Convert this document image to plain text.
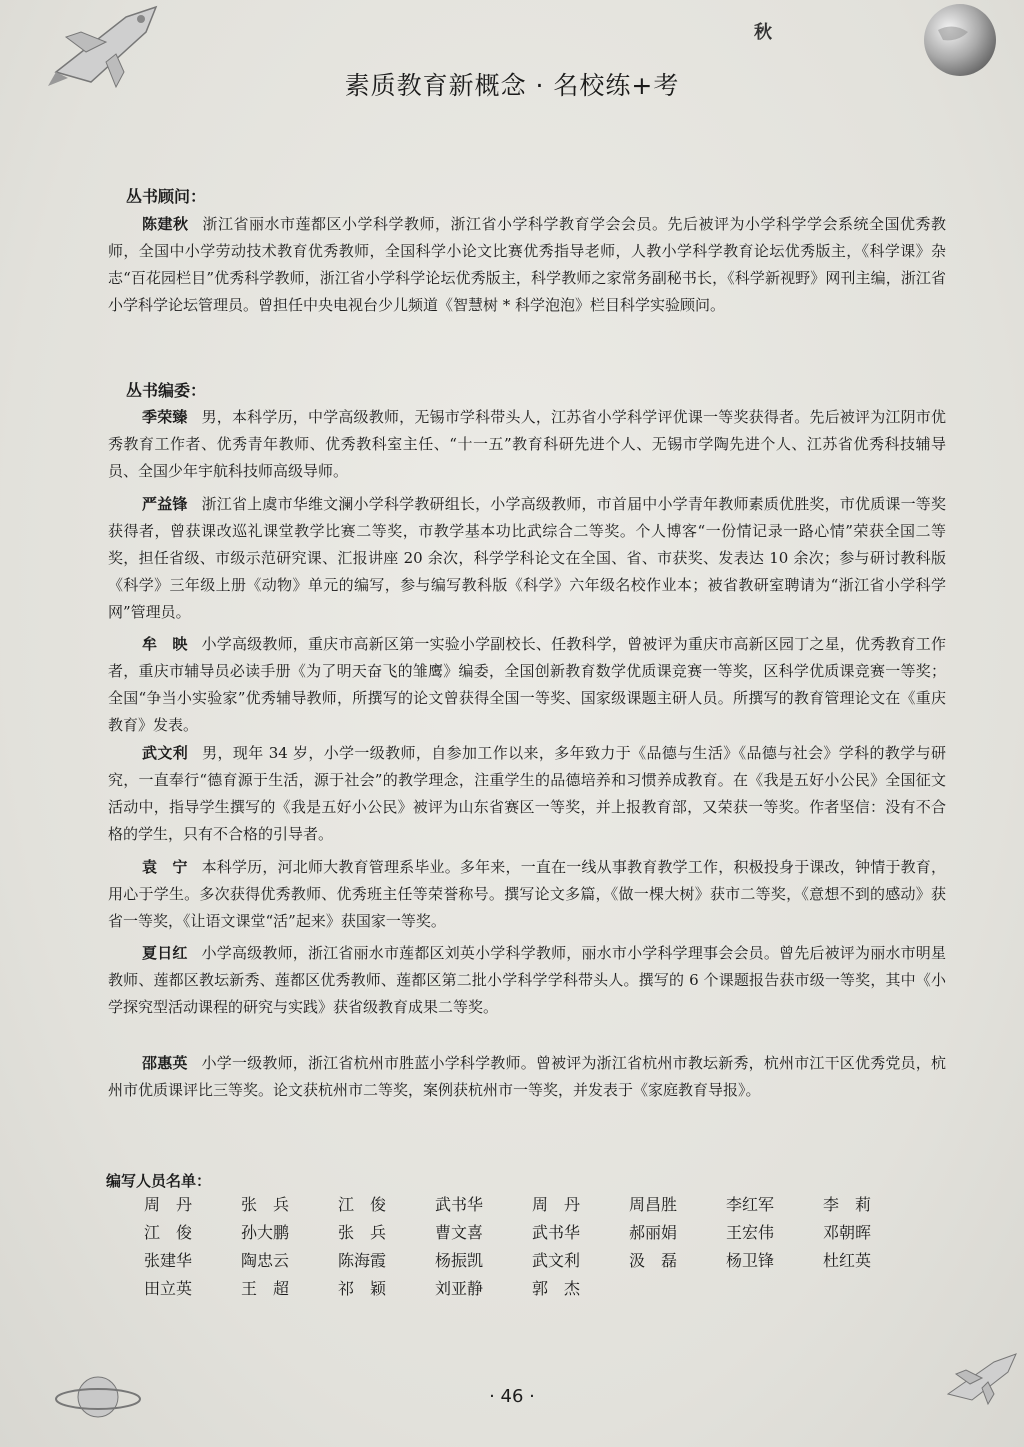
秋
素质教育新概念 · 名校练+考
丛书顾问：
陈建秋 浙江省丽水市莲都区小学科学教师，浙江省小学科学教育学会会员。先后被评为小学科学学会系统全国优秀教师，全国中小学劳动技术教育优秀教师，全国科学小论文比赛优秀指导老师，人教小学科学教育论坛优秀版主，《科学课》杂志“百花园栏目”优秀科学教师，浙江省小学科学论坛优秀版主，科学教师之家常务副秘书长，《科学新视野》网刊主编，浙江省小学科学论坛管理员。曾担任中央电视台少儿频道《智慧树 * 科学泡泡》栏目科学实验顾问。
丛书编委：
季荣臻 男，本科学历，中学高级教师，无锡市学科带头人，江苏省小学科学评优课一等奖获得者。先后被评为江阴市优秀教育工作者、优秀青年教师、优秀教科室主任、“十一五”教育科研先进个人、无锡市学陶先进个人、江苏省优秀科技辅导员、全国少年宇航科技师高级导师。
严益锋 浙江省上虞市华维文澜小学科学教研组长，小学高级教师，市首届中小学青年教师素质优胜奖，市优质课一等奖获得者，曾获课改巡礼课堂教学比赛二等奖，市教学基本功比武综合二等奖。个人博客“一份情记录一路心情”荣获全国二等奖，担任省级、市级示范研究课、汇报讲座 20 余次，科学学科论文在全国、省、市获奖、发表达 10 余次；参与研讨教科版《科学》三年级上册《动物》单元的编写，参与编写教科版《科学》六年级名校作业本；被省教研室聘请为“浙江省小学科学网”管理员。
牟　映 小学高级教师，重庆市高新区第一实验小学副校长、任教科学，曾被评为重庆市高新区园丁之星，优秀教育工作者，重庆市辅导员必读手册《为了明天奋飞的雏鹰》编委，全国创新教育数学优质课竞赛一等奖，区科学优质课竞赛一等奖；全国“争当小实验家”优秀辅导教师，所撰写的论文曾获得全国一等奖、国家级课题主研人员。所撰写的教育管理论文在《重庆教育》发表。
武文利 男，现年 34 岁，小学一级教师，自参加工作以来，多年致力于《品德与生活》《品德与社会》学科的教学与研究，一直奉行“德育源于生活，源于社会”的教学理念，注重学生的品德培养和习惯养成教育。在《我是五好小公民》全国征文活动中，指导学生撰写的《我是五好小公民》被评为山东省赛区一等奖，并上报教育部，又荣获一等奖。作者坚信：没有不合格的学生，只有不合格的引导者。
袁　宁 本科学历，河北师大教育管理系毕业。多年来，一直在一线从事教育教学工作，积极投身于课改，钟情于教育，用心于学生。多次获得优秀教师、优秀班主任等荣誉称号。撰写论文多篇，《做一棵大树》获市二等奖，《意想不到的感动》获省一等奖，《让语文课堂“活”起来》获国家一等奖。
夏日红 小学高级教师，浙江省丽水市莲都区刘英小学科学教师，丽水市小学科学理事会会员。曾先后被评为丽水市明星教师、莲都区教坛新秀、莲都区优秀教师、莲都区第二批小学科学学科带头人。撰写的 6 个课题报告获市级一等奖，其中《小学探究型活动课程的研究与实践》获省级教育成果二等奖。
邵惠英 小学一级教师，浙江省杭州市胜蓝小学科学教师。曾被评为浙江省杭州市教坛新秀，杭州市江干区优秀党员，杭州市优质课评比三等奖。论文获杭州市二等奖，案例获杭州市一等奖，并发表于《家庭教育导报》。
编写人员名单：
周　丹	张　兵	江　俊	武书华	周　丹	周昌胜	李红军	李　莉
江　俊	孙大鹏	张　兵	曹文喜	武书华	郝丽娟	王宏伟	邓朝晖
张建华	陶忠云	陈海霞	杨振凯	武文利	汲　磊	杨卫锋	杜红英
田立英	王　超	祁　颖	刘亚静	郭　杰
· 46 ·
